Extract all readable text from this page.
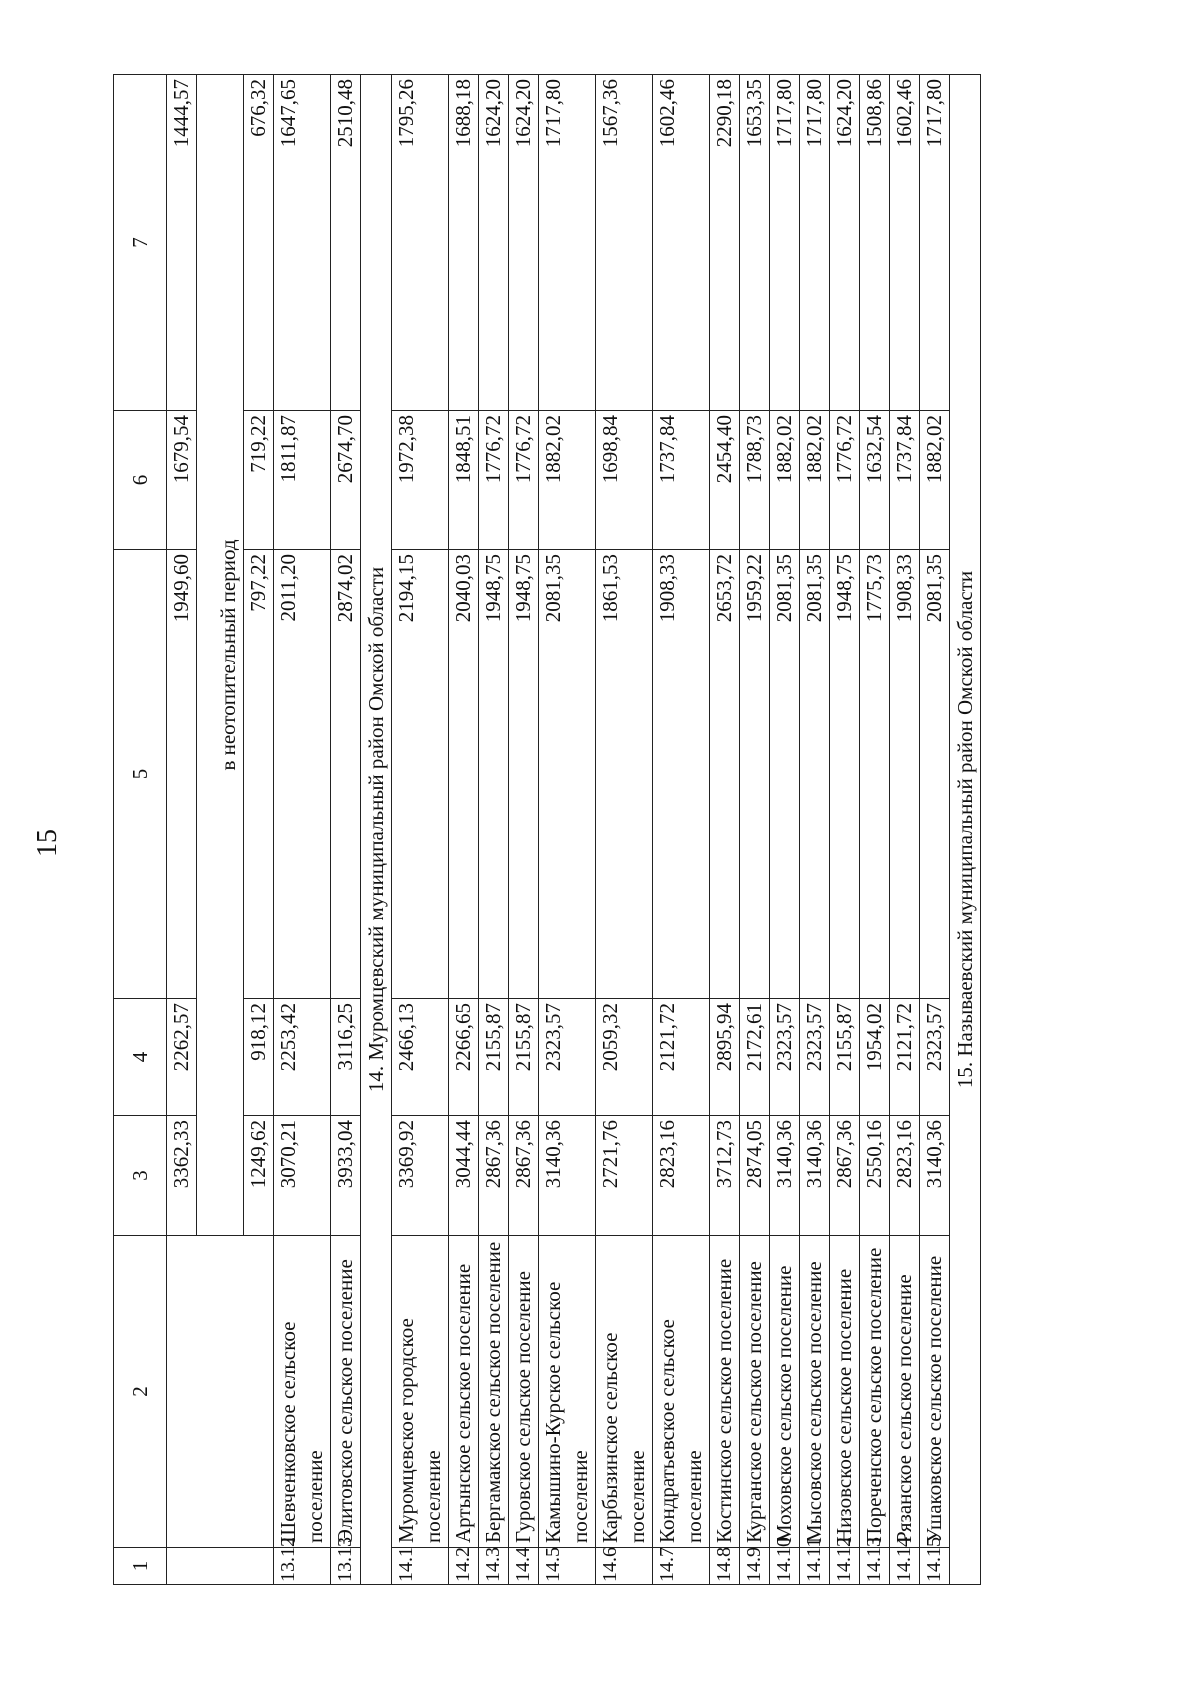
15
1	2	3	4	5	6	7
		3362,33	2262,57	1949,60	1679,54	1444,57
		в неотопительный период				
		1249,62	918,12	797,22	719,22	676,32
13.12	Шевченковское сельское поселение	3070,21	2253,42	2011,20	1811,87	1647,65
13.13	Элитовское сельское поселение	3933,04	3116,25	2874,02	2674,70	2510,48
14. Муромцевский муниципальный район Омской области						
14.1	Муромцевское городское поселение	3369,92	2466,13	2194,15	1972,38	1795,26
14.2	Артынское сельское поселение	3044,44	2266,65	2040,03	1848,51	1688,18
14.3	Бергамакское сельское поселение	2867,36	2155,87	1948,75	1776,72	1624,20
14.4	Гуровское сельское поселение	2867,36	2155,87	1948,75	1776,72	1624,20
14.5	Камышино-Курское сельское поселение	3140,36	2323,57	2081,35	1882,02	1717,80
14.6	Карбызинское сельское поселение	2721,76	2059,32	1861,53	1698,84	1567,36
14.7	Кондратьевское сельское поселение	2823,16	2121,72	1908,33	1737,84	1602,46
14.8	Костинское сельское поселение	3712,73	2895,94	2653,72	2454,40	2290,18
14.9	Курганское сельское поселение	2874,05	2172,61	1959,22	1788,73	1653,35
14.10	Моховское сельское поселение	3140,36	2323,57	2081,35	1882,02	1717,80
14.11	Мысовское сельское поселение	3140,36	2323,57	2081,35	1882,02	1717,80
14.12	Низовское сельское поселение	2867,36	2155,87	1948,75	1776,72	1624,20
14.13	Пореченское сельское поселение	2550,16	1954,02	1775,73	1632,54	1508,86
14.14	Рязанское сельское поселение	2823,16	2121,72	1908,33	1737,84	1602,46
14.15	Ушаковское сельское поселение	3140,36	2323,57	2081,35	1882,02	1717,80
15. Называевский муниципальный район Омской области						
